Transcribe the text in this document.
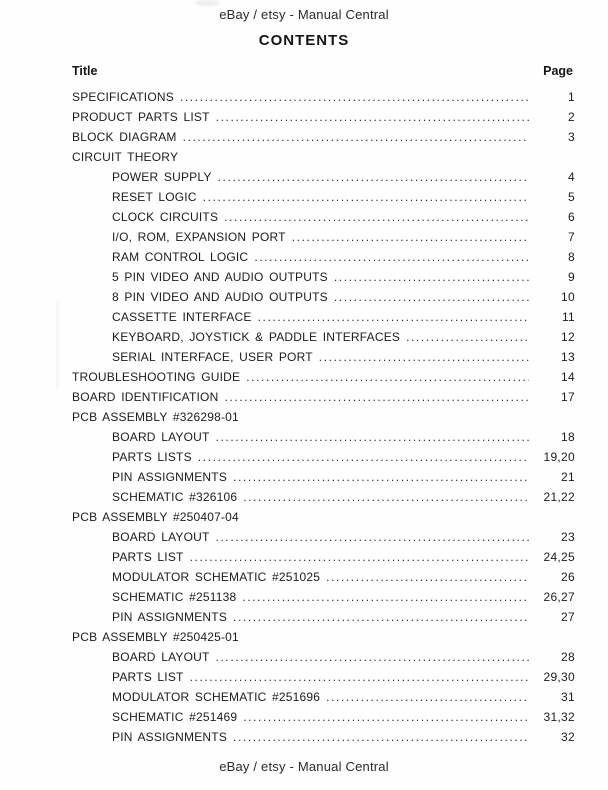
eBay / etsy - Manual Central
CONTENTS
Title	Page
SPECIFICATIONS .....	1
PRODUCT PARTS LIST .....	2
BLOCK DIAGRAM .....	3
CIRCUIT THEORY
POWER SUPPLY .....	4
RESET LOGIC .....	5
CLOCK CIRCUITS .....	6
I/O, ROM, EXPANSION PORT .....	7
RAM CONTROL LOGIC .....	8
5 PIN VIDEO AND AUDIO OUTPUTS .....	9
8 PIN VIDEO AND AUDIO OUTPUTS .....	10
CASSETTE INTERFACE .....	11
KEYBOARD, JOYSTICK & PADDLE INTERFACES .....	12
SERIAL INTERFACE, USER PORT .....	13
TROUBLESHOOTING GUIDE .....	14
BOARD IDENTIFICATION .....	17
PCB ASSEMBLY #326298-01
BOARD LAYOUT .....	18
PARTS LISTS .....	19,20
PIN ASSIGNMENTS .....	21
SCHEMATIC #326106 .....	21,22
PCB ASSEMBLY #250407-04
BOARD LAYOUT .....	23
PARTS LIST .....	24,25
MODULATOR SCHEMATIC #251025 .....	26
SCHEMATIC #251138 .....	26,27
PIN ASSIGNMENTS .....	27
PCB ASSEMBLY #250425-01
BOARD LAYOUT .....	28
PARTS LIST .....	29,30
MODULATOR SCHEMATIC #251696 .....	31
SCHEMATIC #251469 .....	31,32
PIN ASSIGNMENTS .....	32
eBay / etsy - Manual Central
